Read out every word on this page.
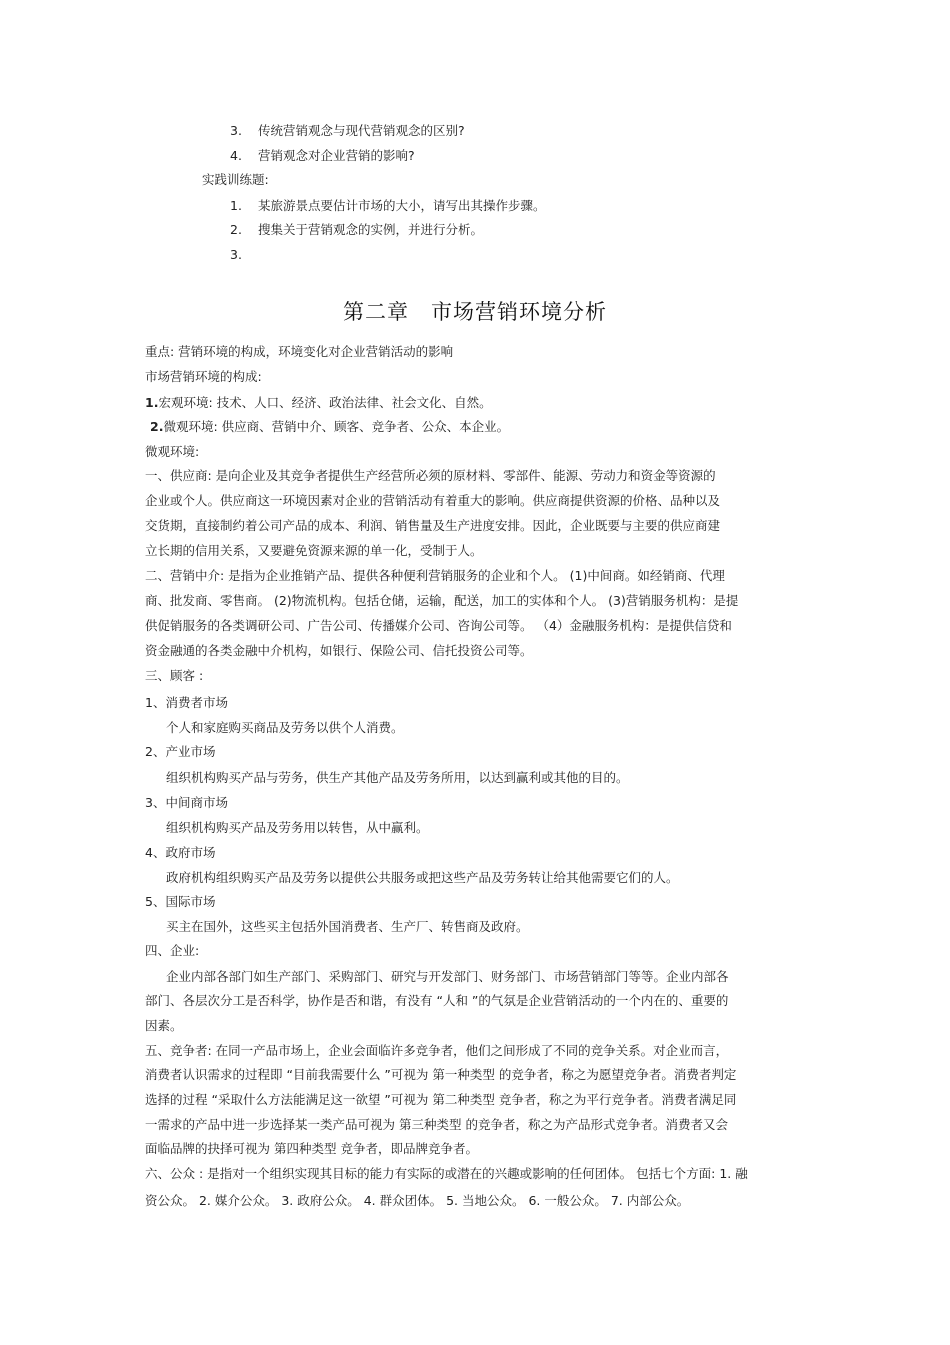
3. 传统营销观念与现代营销观念的区别?
4. 营销观念对企业营销的影响?
实践训练题:
1. 某旅游景点要估计市场的大小，请写出其操作步骤。
2. 搜集关于营销观念的实例，并进行分析。
3.
第二章 市场营销环境分析
重点: 营销环境的构成，环境变化对企业营销活动的影响
市场营销环境的构成:
1.宏观环境: 技术、人口、经济、政治法律、社会文化、自然。
2.微观环境: 供应商、营销中介、顾客、竞争者、公众、本企业。
微观环境:
一、供应商: 是向企业及其竞争者提供生产经营所必须的原材料、零部件、能源、劳动力和资金等资源的
企业或个人。供应商这一环境因素对企业的营销活动有着重大的影响。供应商提供资源的价格、品种以及
交货期，直接制约着公司产品的成本、利润、销售量及生产进度安排。因此，企业既要与主要的供应商建
立长期的信用关系，又要避免资源来源的单一化，受制于人。
二、营销中介: 是指为企业推销产品、提供各种便利营销服务的企业和个人。 (1)中间商。如经销商、代理
商、批发商、零售商。 (2)物流机构。包括仓储，运输，配送，加工的实体和个人。 (3)营销服务机构：是提
供促销服务的各类调研公司、广告公司、传播媒介公司、咨询公司等。 （4）金融服务机构：是提供信贷和
资金融通的各类金融中介机构，如银行、保险公司、信托投资公司等。
三、顾客 :
1、消费者市场
个人和家庭购买商品及劳务以供个人消费。
2、产业市场
组织机构购买产品与劳务，供生产其他产品及劳务所用，以达到赢利或其他的目的。
3、中间商市场
组织机构购买产品及劳务用以转售，从中赢利。
4、政府市场
政府机构组织购买产品及劳务以提供公共服务或把这些产品及劳务转让给其他需要它们的人。
5、国际市场
买主在国外，这些买主包括外国消费者、生产厂、转售商及政府。
四、企业:
企业内部各部门如生产部门、采购部门、研究与开发部门、财务部门、市场营销部门等等。企业内部各
部门、各层次分工是否科学，协作是否和谐，有没有 “人和 ”的气氛是企业营销活动的一个内在的、重要的
因素。
五、竞争者: 在同一产品市场上，企业会面临许多竞争者，他们之间形成了不同的竞争关系。对企业而言，
消费者认识需求的过程即 “目前我需要什么 ”可视为 第一种类型 的竞争者，称之为愿望竞争者。消费者判定
选择的过程 “采取什么方法能满足这一欲望 ”可视为 第二种类型 竞争者，称之为平行竞争者。消费者满足同
一需求的产品中进一步选择某一类产品可视为 第三种类型 的竞争者，称之为产品形式竞争者。消费者又会
面临品牌的抉择可视为 第四种类型 竞争者，即品牌竞争者。
六、公众 : 是指对一个组织实现其目标的能力有实际的或潜在的兴趣或影响的任何团体。 包括七个方面: 1. 融
资公众。 2. 媒介公众。 3. 政府公众。 4. 群众团体。 5. 当地公众。 6. 一般公众。 7. 内部公众。
